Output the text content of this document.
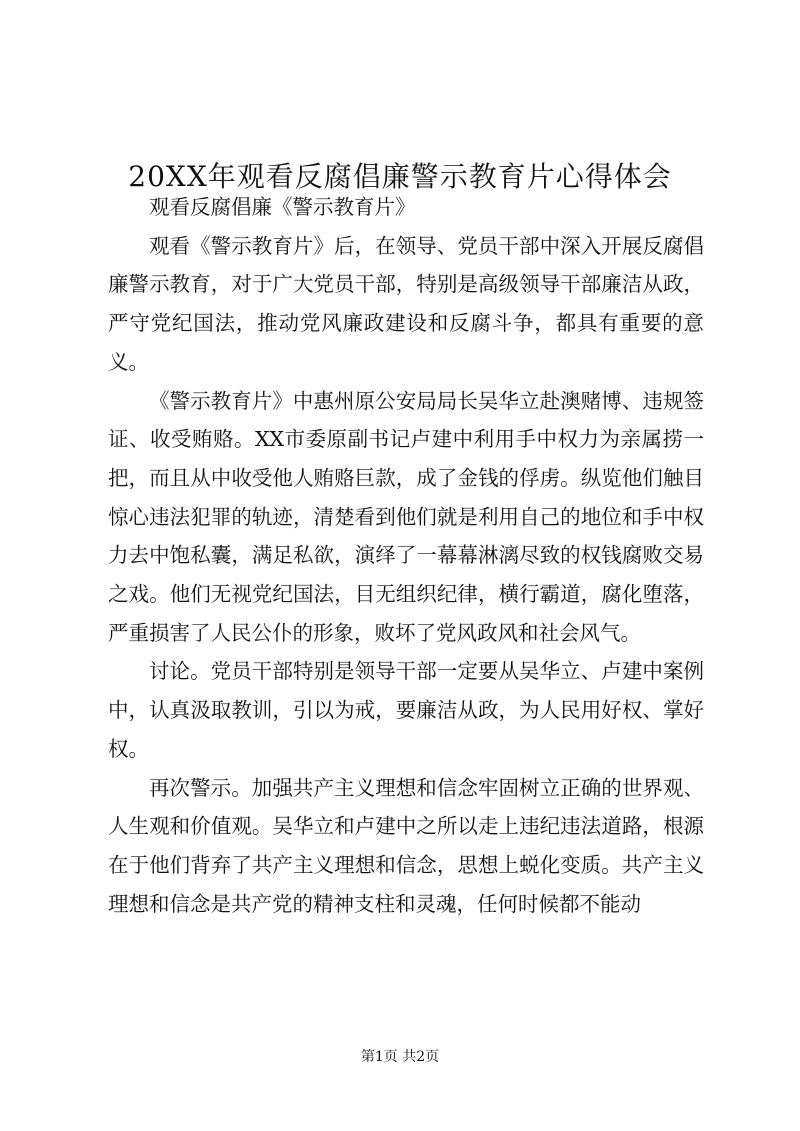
20XX年观看反腐倡廉警示教育片心得体会

观看反腐倡廉《警示教育片》

观看《警示教育片》后，在领导、党员干部中深入开展反腐倡廉警示教育，对于广大党员干部，特别是高级领导干部廉洁从政，严守党纪国法，推动党风廉政建设和反腐斗争，都具有重要的意义。

《警示教育片》中惠州原公安局局长吴华立赴澳赌博、违规签证、收受贿赂。XX市委原副书记卢建中利用手中权力为亲属捞一把，而且从中收受他人贿赂巨款，成了金钱的俘虏。纵览他们触目惊心违法犯罪的轨迹，清楚看到他们就是利用自己的地位和手中权力去中饱私囊，满足私欲，演绎了一幕幕淋漓尽致的权钱腐败交易之戏。他们无视党纪国法，目无组织纪律，横行霸道，腐化堕落，严重损害了人民公仆的形象，败坏了党风政风和社会风气。

讨论。党员干部特别是领导干部一定要从吴华立、卢建中案例中，认真汲取教训，引以为戒，要廉洁从政，为人民用好权、掌好权。

再次警示。加强共产主义理想和信念牢固树立正确的世界观、人生观和价值观。吴华立和卢建中之所以走上违纪违法道路，根源在于他们背弃了共产主义理想和信念，思想上蜕化变质。共产主义理想和信念是共产党的精神支柱和灵魂，任何时候都不能动

第1页 共2页
